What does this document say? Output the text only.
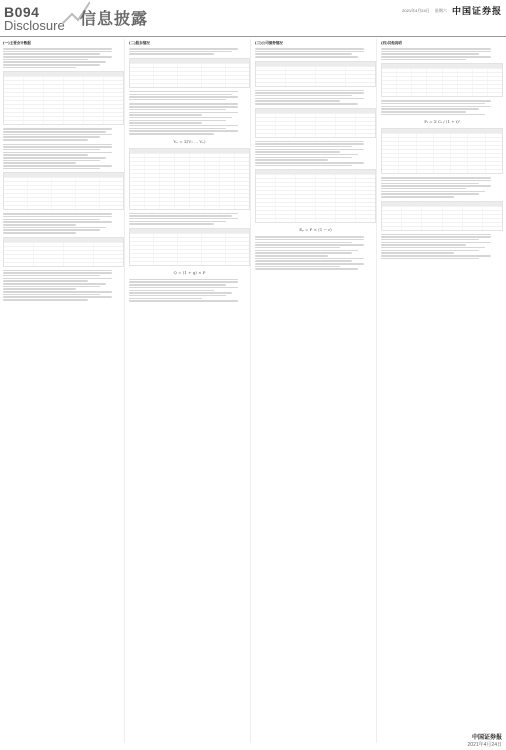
B094
Disclosure 信息披露	2021年4月24日 星期六 中国证券报
(一)主要会计数据	(二)股东情况
Vₙ = Σ(V₁ … Vₙ)
Q = (1 + g) × P
(三)公司债券情况
Eₚ = P × (1 − r)
(四)其他说明
Pₜ = Σ Cₜ / (1 + i)ᵗ
中国证券报
2021年4月24日
